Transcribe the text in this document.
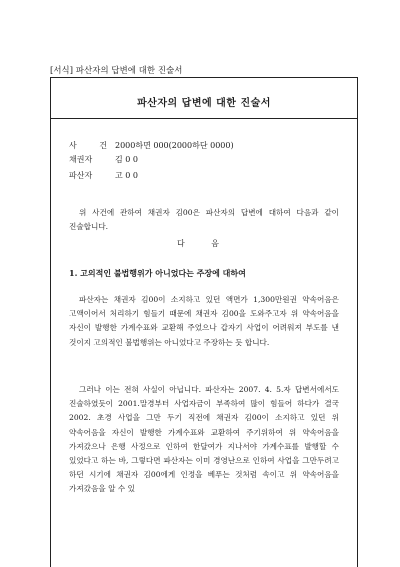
[서식] 파산자의 답변에 대한 진술서
파산자의 답변에 대한 진술서
사 건2000하면 000(2000하단 0000)
채권자	김 0 0
파산자	고 0 0

위 사건에 관하여 채권자 김00은 파산자의 답변에 대하여 다음과 같이 진술합니다.

다 음
1. 고의적인 불법행위가 아니었다는 주장에 대하여

파산자는 채권자 김00이 소지하고 있던 액면가 1,300만원권 약속어음은 고액이어서 처리하기 힘들기 때문에 채권자 김00을 도와주고자 위 약속어음을 자신이 발행한 가계수표와 교환해 주었으나 갑자기 사업이 어려워져 부도를 낸 것이지 고의적인 불법행위는 아니었다고 주장하는 듯 합니다.

그러나 이는 전혀 사실이 아닙니다. 파산자는 2007. 4. 5.자 답변서에서도 진술하였듯이 2001.말경부터 사업자금이 부족하여 많이 힘들어 하다가 결국 2002. 초경 사업을 그만 두기 직전에 채권자 김00이 소지하고 있던 위 약속어음을 자신이 발행한 가계수표와 교환하여 주기위하여 위 약속어음을 가져갔으나 은행 사정으로 인하여 한달여가 지나서야 가계수표를 발행할 수 있었다고 하는 바, 그렇다면 파산자는 이미 경영난으로 인하여 사업을 그만두려고 하던 시기에 채권자 김00에게 인정을 베푸는 것처럼 속이고 위 약속어음을 가져갔음을 알 수 있
